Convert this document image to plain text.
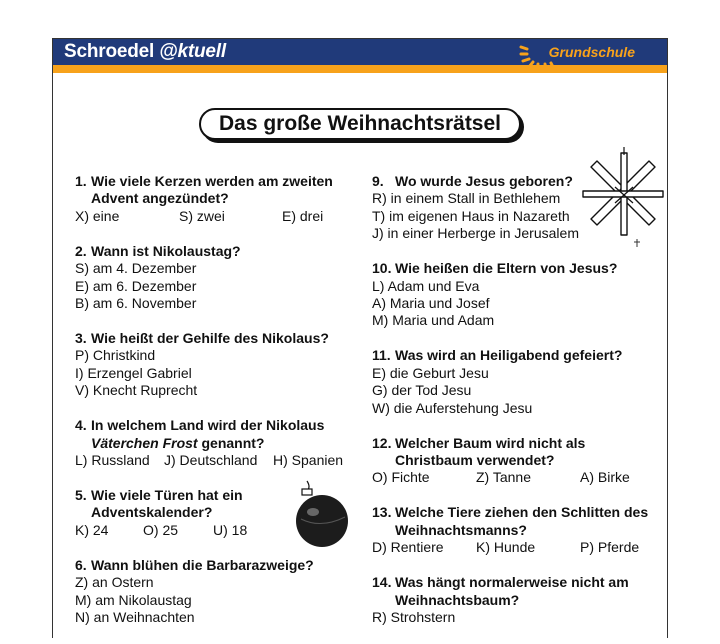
Schroedel @ktuell	Grundschule
Das große Weihnachtsrätsel
1. Wie viele Kerzen werden am zweiten Advent angezündet?
X) eine	S) zwei	E) drei
2. Wann ist Nikolaustag?
S) am 4. Dezember
E) am 6. Dezember
B) am 6. November
3. Wie heißt der Gehilfe des Nikolaus?
P) Christkind
I) Erzengel Gabriel
V) Knecht Ruprecht
4. In welchem Land wird der Nikolaus
Väterchen Frost genannt?
L) Russland	J) Deutschland	H) Spanien
5. Wie viele Türen hat ein Adventskalender?
K) 24	O) 25	U) 18
6. Wann blühen die Barbarazweige?
Z) an Ostern
M) am Nikolaustag
N) an Weihnachten
9. Wo wurde Jesus geboren?
R) in einem Stall in Bethlehem
T) im eigenen Haus in Nazareth
J) in einer Herberge in Jerusalem
10. Wie heißen die Eltern von Jesus?
L) Adam und Eva
A) Maria und Josef
M) Maria und Adam
11. Was wird an Heiligabend gefeiert?
E) die Geburt Jesu
G) der Tod Jesu
W) die Auferstehung Jesu
12. Welcher Baum wird nicht als Christbaum verwendet?
O) Fichte	Z) Tanne	A) Birke
13. Welche Tiere ziehen den Schlitten des Weihnachtsmanns?
D) Rentiere	K) Hunde	P) Pferde
14. Was hängt normalerweise nicht am Weihnachtsbaum?
R) Strohstern
